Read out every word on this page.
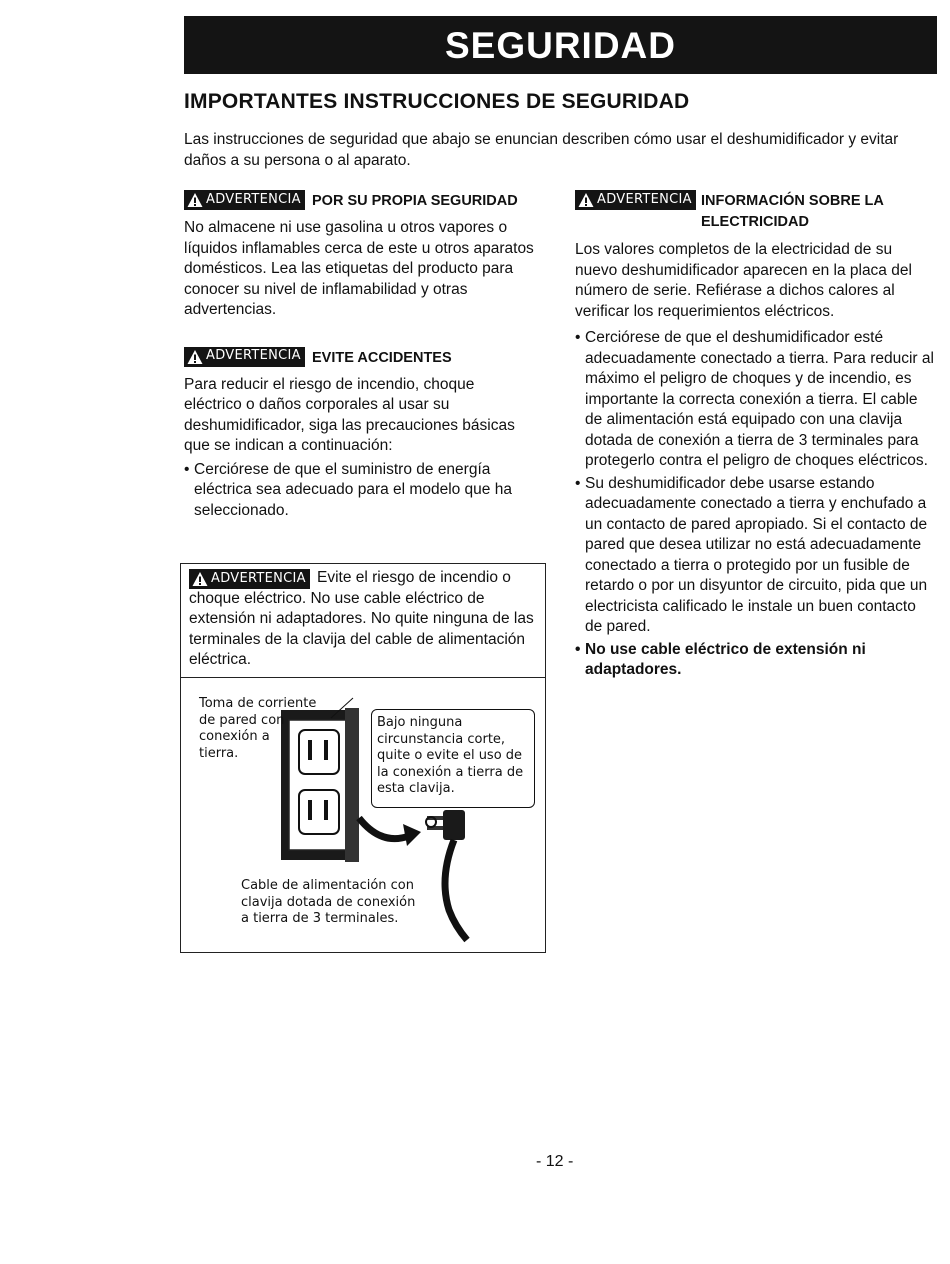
SEGURIDAD
IMPORTANTES INSTRUCCIONES DE SEGURIDAD
Las instrucciones de seguridad que abajo se enuncian describen cómo usar el deshumidificador y evitar daños a su persona o al aparato.
ADVERTENCIA POR SU PROPIA SEGURIDAD

No almacene ni use gasolina u otros vapores o líquidos inflamables cerca de este u otros aparatos domésticos. Lea las etiquetas del producto para conocer su nivel de inflamabilidad y otras advertencias.

ADVERTENCIA EVITE ACCIDENTES

Para reducir el riesgo de incendio, choque eléctrico o daños corporales al usar su deshumidificador, siga las precauciones básicas que se indican a continuación:

• Cerciórese de que el suministro de energía eléctrica sea adecuado para el modelo que ha seleccionado.
ADVERTENCIA Evite el riesgo de incendio o choque eléctrico. No use cable eléctrico de extensión ni adaptadores. No quite ninguna de las terminales de la clavija del cable de alimentación eléctrica.
Toma de corriente
de pared con
conexión a
tierra.
Bajo ninguna
circunstancia corte,
quite o evite el uso de
la conexión a tierra de
esta clavija.
Cable de alimentación con
clavija dotada de conexión
a tierra de 3 terminales.
ADVERTENCIA INFORMACIÓN SOBRE LA
ELECTRICIDAD

Los valores completos de la electricidad de su nuevo deshumidificador aparecen en la placa del número de serie. Refiérase a dichos calores al verificar los requerimientos eléctricos.

• Cerciórese de que el deshumidificador esté adecuadamente conectado a tierra. Para reducir al máximo el peligro de choques y de incendio, es importante la correcta conexión a tierra. El cable de alimentación está equipado con una clavija dotada de conexión a tierra de 3 terminales para protegerlo contra el peligro de choques eléctricos.
• Su deshumidificador debe usarse estando adecuadamente conectado a tierra y enchufado a un contacto de pared apropiado. Si el contacto de pared que desea utilizar no está adecuadamente conectado a tierra o protegido por un fusible de retardo o por un disyuntor de circuito, pida que un electricista calificado le instale un buen contacto de pared.
• No use cable eléctrico de extensión ni adaptadores.
- 12 -
